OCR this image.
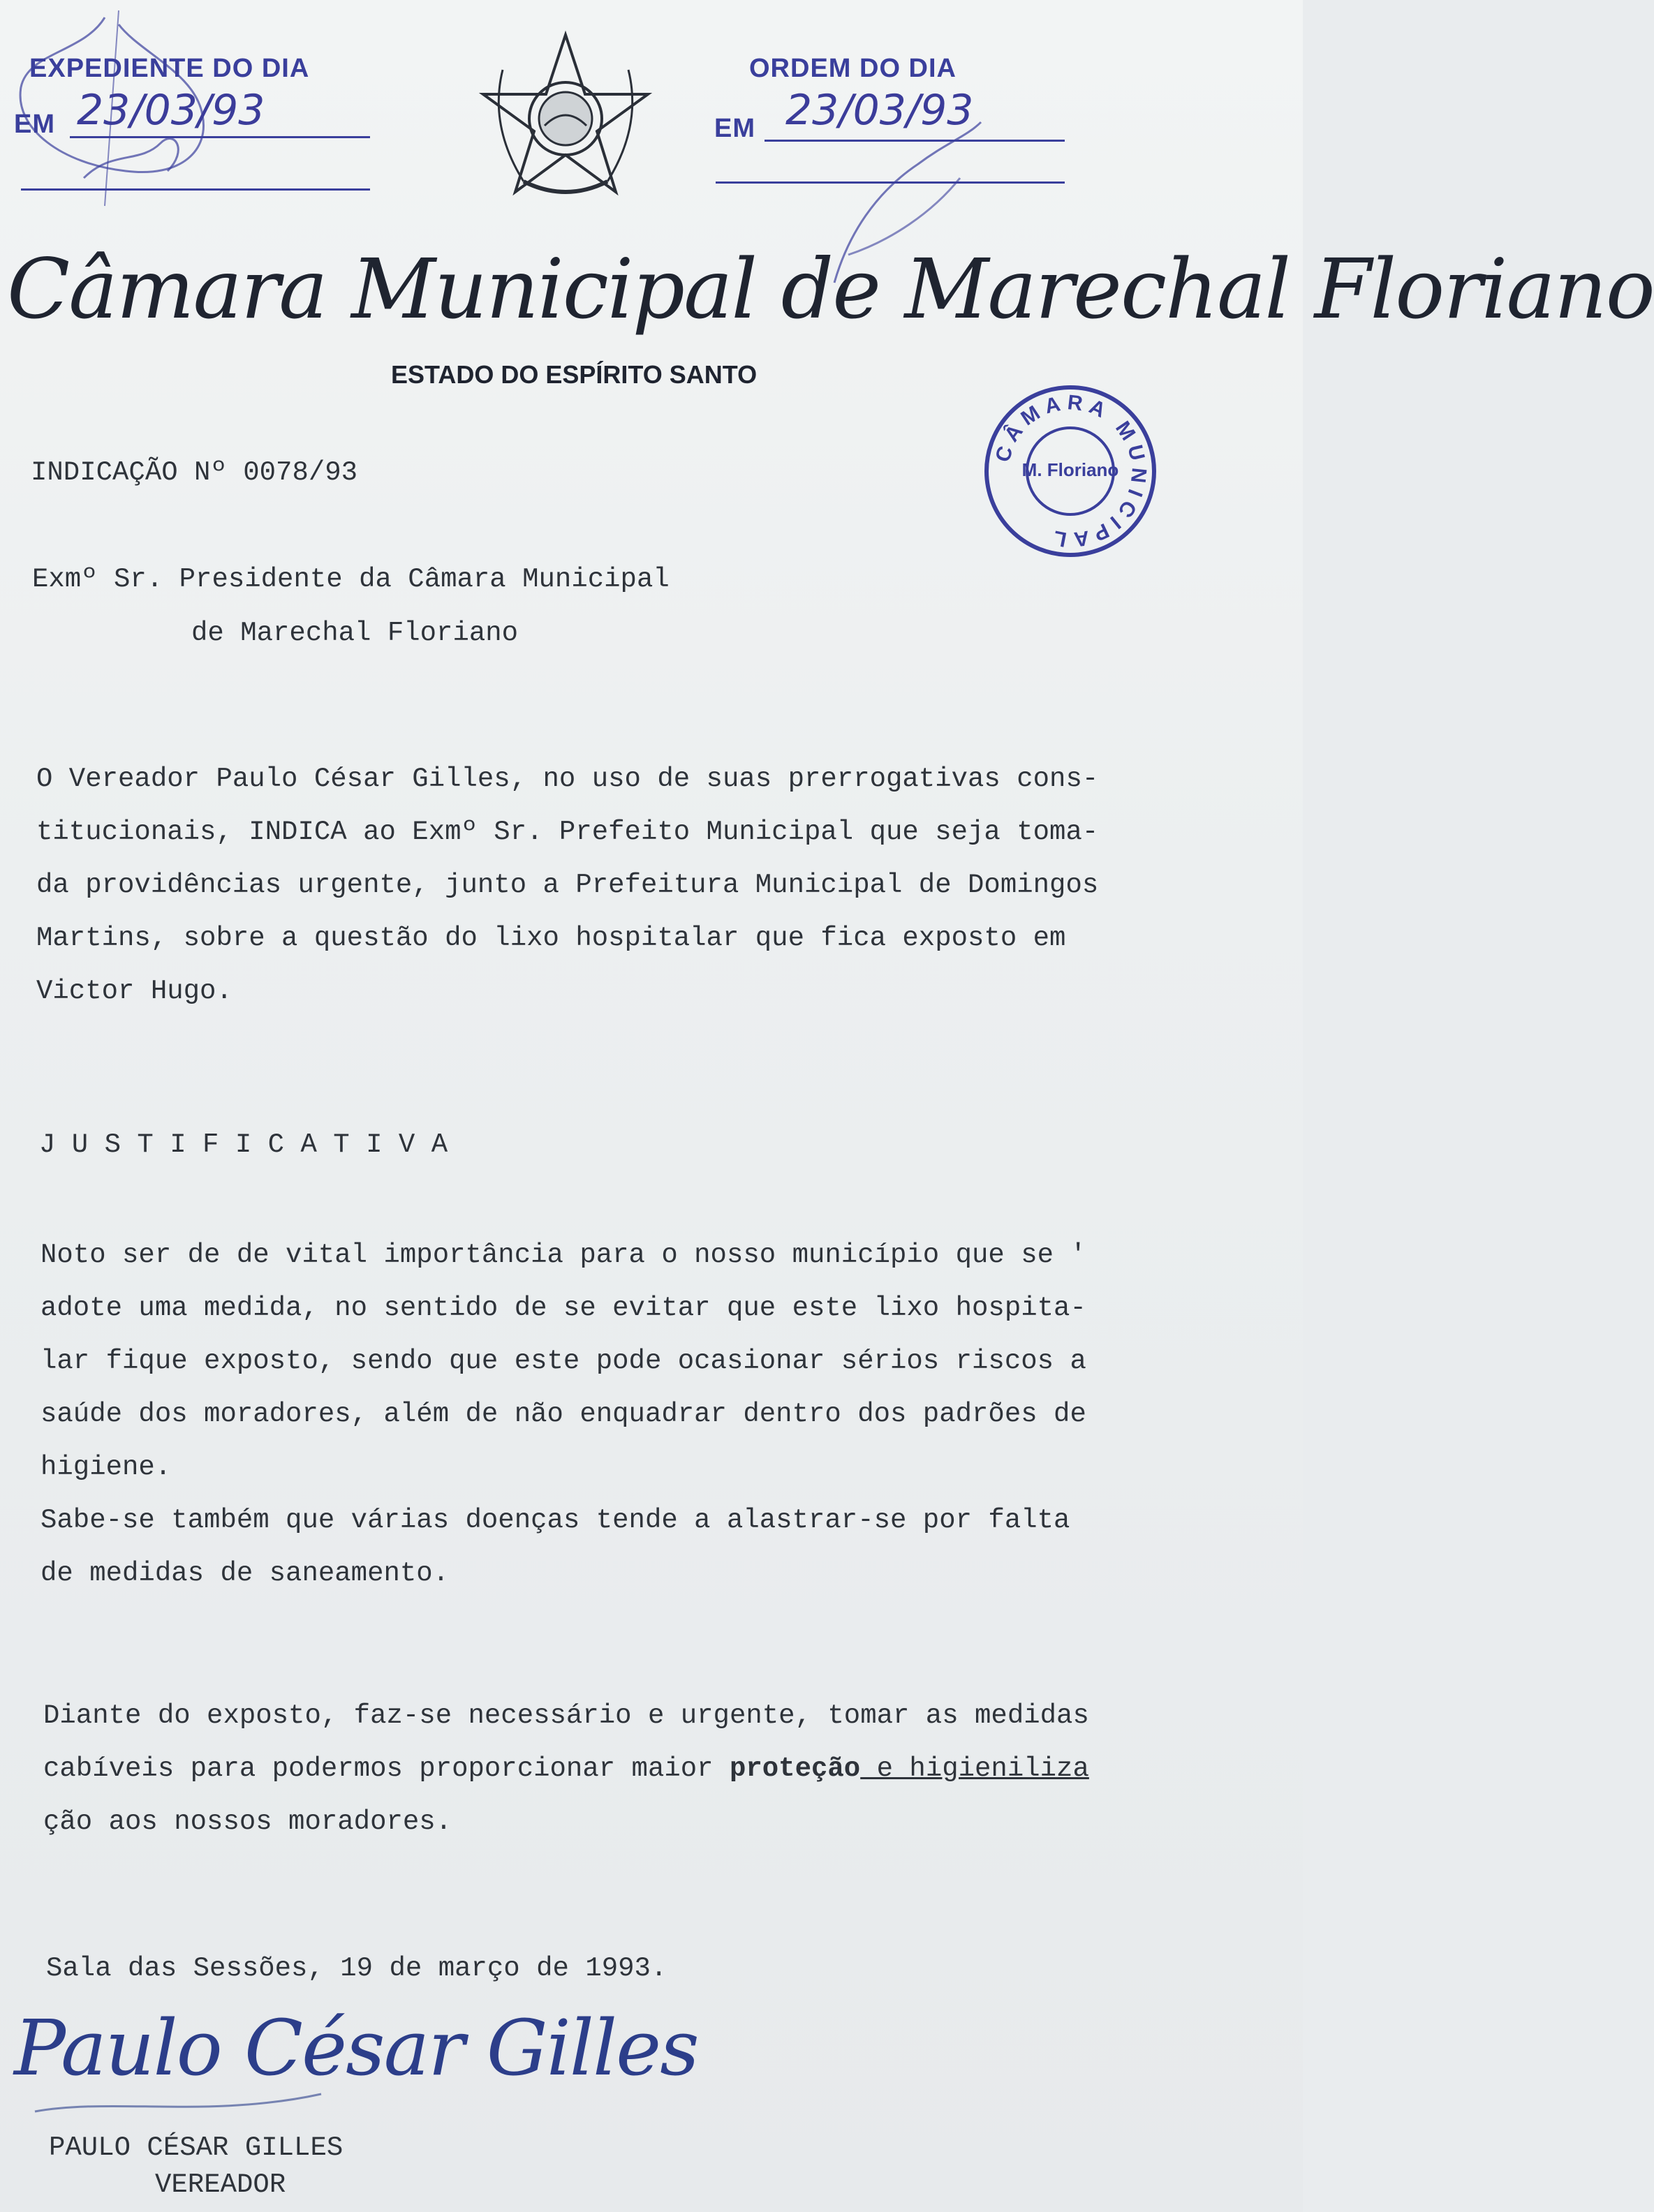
EXPEDIENTE DO DIA
EM 23/03/93
ORDEM DO DIA
EM 23/03/93
Câmara Municipal de Marechal Floriano
ESTADO DO ESPÍRITO SANTO
CÂMARA MUNICIPAL
M. Floriano
INDICAÇÃO Nº 0078/93
Exmº Sr. Presidente da Câmara Municipal
de Marechal Floriano
O Vereador Paulo César Gilles, no uso de suas prerrogativas cons-
titucionais, INDICA ao Exmº Sr. Prefeito Municipal que seja toma-
da providências urgente, junto a Prefeitura Municipal de Domingos
Martins, sobre a questão do lixo hospitalar que fica exposto em
Victor Hugo.
J U S T I F I C A T I V A
Noto ser de de vital importância para o nosso município que se '
adote uma medida, no sentido de se evitar que este lixo hospita-
lar fique exposto, sendo que este pode ocasionar sérios riscos a
saúde dos moradores, além de não enquadrar dentro dos padrões de
higiene.
Sabe-se também que várias doenças tende a alastrar-se por falta
de medidas de saneamento.
Diante do exposto, faz-se necessário e urgente, tomar as medidas
cabíveis para podermos proporcionar maior proteção e higieniliza
ção aos nossos moradores.
Sala das Sessões, 19 de março de 1993.
Paulo César Gilles
PAULO CÉSAR GILLES
VEREADOR
